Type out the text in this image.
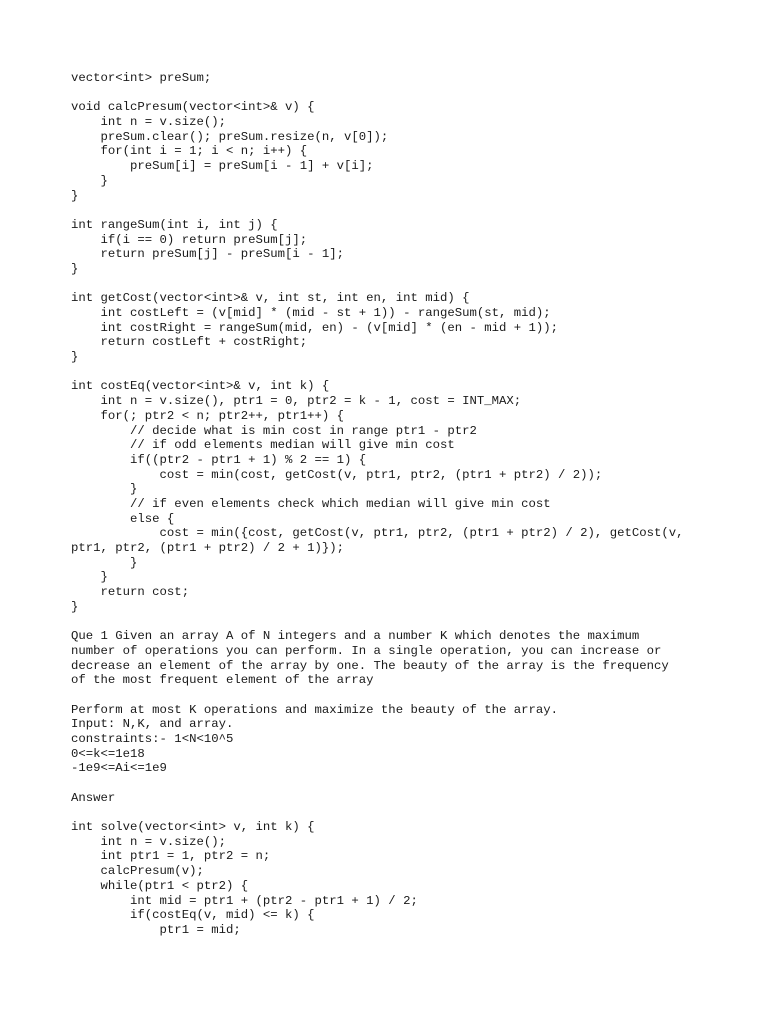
vector<int> preSum;
void calcPresum(vector<int>& v) {
int n = v.size();
preSum.clear(); preSum.resize(n, v[0]);
for(int i = 1; i < n; i++) {
preSum[i] = preSum[i - 1] + v[i];
}
}
int rangeSum(int i, int j) {
if(i == 0) return preSum[j];
return preSum[j] - preSum[i - 1];
}
int getCost(vector<int>& v, int st, int en, int mid) {
int costLeft = (v[mid] * (mid - st + 1)) - rangeSum(st, mid);
int costRight = rangeSum(mid, en) - (v[mid] * (en - mid + 1));
return costLeft + costRight;
}
int costEq(vector<int>& v, int k) {
int n = v.size(), ptr1 = 0, ptr2 = k - 1, cost = INT_MAX;
for(; ptr2 < n; ptr2++, ptr1++) {
// decide what is min cost in range ptr1 - ptr2
// if odd elements median will give min cost
if((ptr2 - ptr1 + 1) % 2 == 1) {
cost = min(cost, getCost(v, ptr1, ptr2, (ptr1 + ptr2) / 2));
}
// if even elements check which median will give min cost
else {
cost = min({cost, getCost(v, ptr1, ptr2, (ptr1 + ptr2) / 2), getCost(v,
ptr1, ptr2, (ptr1 + ptr2) / 2 + 1)});
}
}
return cost;
}
Que 1 Given an array A of N integers and a number K which denotes the maximum
number of operations you can perform. In a single operation, you can increase or
decrease an element of the array by one. The beauty of the array is the frequency
of the most frequent element of the array
Perform at most K operations and maximize the beauty of the array.
Input: N,K, and array.
constraints:- 1<N<10^5
0<=k<=1e18
-1e9<=Ai<=1e9
Answer
int solve(vector<int> v, int k) {
int n = v.size();
int ptr1 = 1, ptr2 = n;
calcPresum(v);
while(ptr1 < ptr2) {
int mid = ptr1 + (ptr2 - ptr1 + 1) / 2;
if(costEq(v, mid) <= k) {
ptr1 = mid;
